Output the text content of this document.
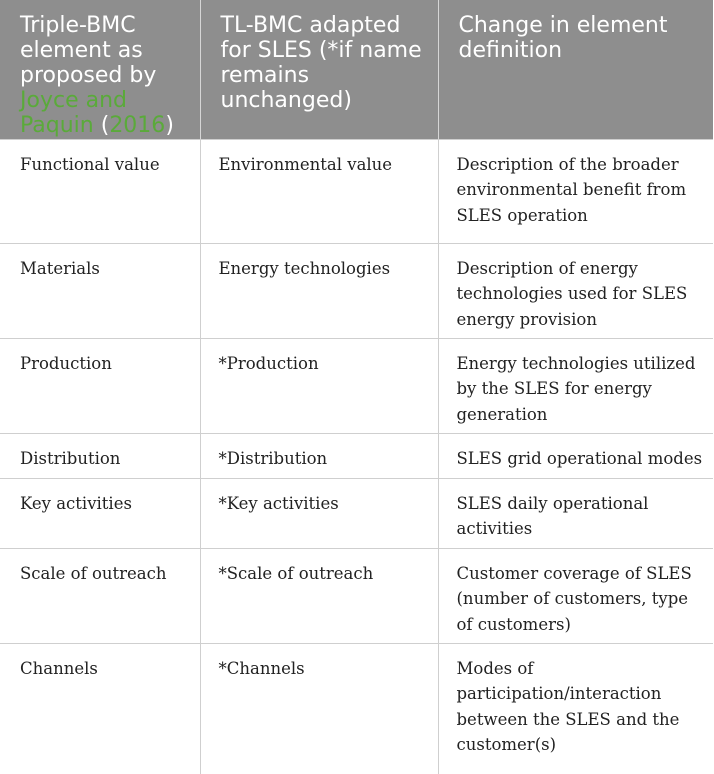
Triple-BMC element as proposed by Joyce and Paquin (2016)	TL-BMC adapted for SLES (*if name remains unchanged)	Change in element definition
Functional value	Environmental value	Description of the broader environmental benefit from SLES operation
Materials	Energy technologies	Description of energy technologies used for SLES energy provision
Production	*Production	Energy technologies utilized by the SLES for energy generation
Distribution	*Distribution	SLES grid operational modes
Key activities	*Key activities	SLES daily operational activities
Scale of outreach	*Scale of outreach	Customer coverage of SLES (number of customers, type of customers)
Channels	*Channels	Modes of participation/interaction between the SLES and the customer(s)
